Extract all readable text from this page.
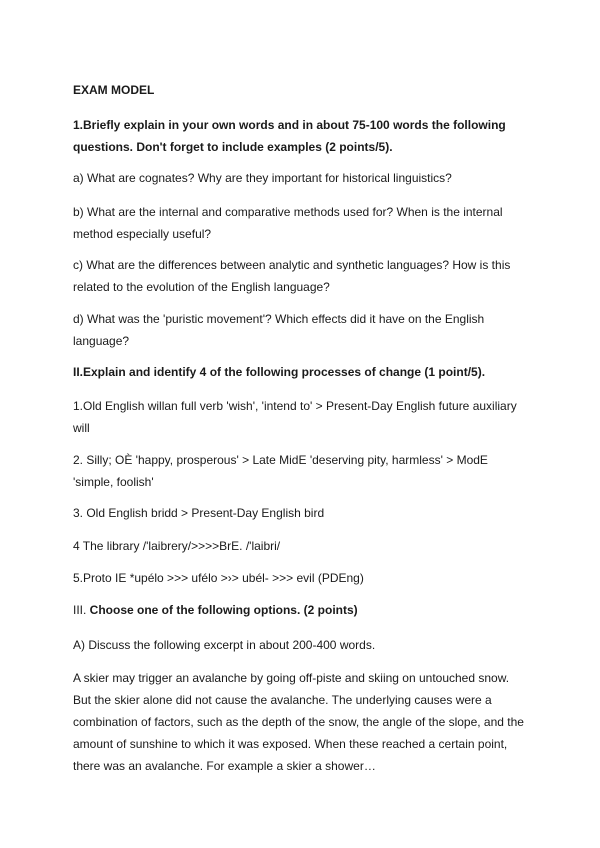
EXAM MODEL

1.Briefly explain in your own words and in about 75-100 words the following
questions. Don't forget to include examples (2 points/5).

a) What are cognates? Why are they important for historical linguistics?

b) What are the internal and comparative methods used for? When is the internal
method especially useful?

c) What are the differences between analytic and synthetic languages? How is this
related to the evolution of the English language?

d) What was the 'puristic movement'? Which effects did it have on the English
language?

II.Explain and identify 4 of the following processes of change (1 point/5).

1.Old English willan full verb 'wish', 'intend to' > Present-Day English future auxiliary
will

2. Silly; OÈ 'happy, prosperous' > Late MidE 'deserving pity, harmless' > ModE
'simple, foolish'

3. Old English bridd > Present-Day English bird

4 The library /'laibrery/>>>>BrE. /'laibri/

5.Proto IE *upélo >>> ufélo >›> ubél- >>> evil (PDEng)

III. Choose one of the following options. (2 points)

A) Discuss the following excerpt in about 200-400 words.

A skier may trigger an avalanche by going off-piste and skiing on untouched snow.
But the skier alone did not cause the avalanche. The underlying causes were a
combination of factors, such as the depth of the snow, the angle of the slope, and the
amount of sunshine to which it was exposed. When these reached a certain point,
there was an avalanche. For example a skier a shower…
